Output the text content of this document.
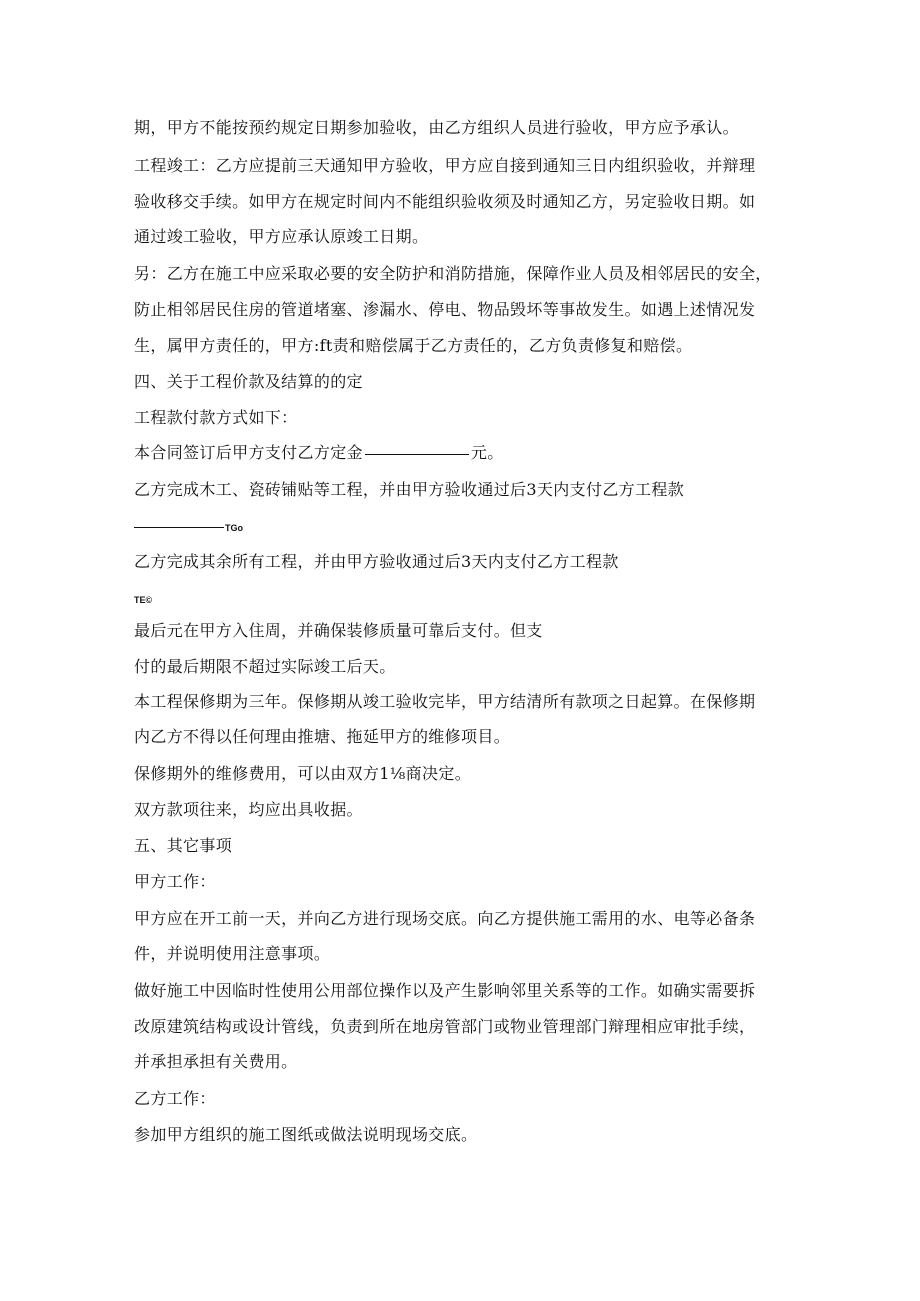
期，甲方不能按预约规定日期参加验收，由乙方组织人员进行验收，甲方应予承认。
工程竣工：乙方应提前三天通知甲方验收，甲方应自接到通知三日内组织验收，并辩理
验收移交手续。如甲方在规定时间内不能组织验收须及时通知乙方，另定验收日期。如
通过竣工验收，甲方应承认原竣工日期。
另：乙方在施工中应采取必要的安全防护和消防措施，保障作业人员及相邻居民的安全，
防止相邻居民住房的管道堵塞、渗漏水、停电、物品毁坏等事故发生。如遇上述情况发
生，属甲方责任的，甲方:ft责和赔偿属于乙方责任的，乙方负责修复和赔偿。
四、关于工程价款及结算的的定
工程款付款方式如下：
本合同签订后甲方支付乙方定金	元。
乙方完成木工、瓷砖铺贴等工程，并由甲方验收通过后3天内支付乙方工程款
TGo
乙方完成其余所有工程，并由甲方验收通过后3天内支付乙方工程款
TE©
最后元在甲方入住周，并确保装修质量可靠后支付。但支
付的最后期限不超过实际竣工后天。
本工程保修期为三年。保修期从竣工验收完毕，甲方结清所有款项之日起算。在保修期
内乙方不得以任何理由推塘、拖延甲方的维修项目。
保修期外的维修费用，可以由双方1⅛商决定。
双方款项往来，均应出具收据。
五、其它事项
甲方工作：
甲方应在开工前一天，并向乙方进行现场交底。向乙方提供施工需用的水、电等必备条
件，并说明使用注意事项。
做好施工中因临时性使用公用部位操作以及产生影响邻里关系等的工作。如确实需要拆
改原建筑结构或设计管线，负责到所在地房管部门或物业管理部门辩理相应审批手续，
并承担承担有关费用。
乙方工作：
参加甲方组织的施工图纸或做法说明现场交底。
